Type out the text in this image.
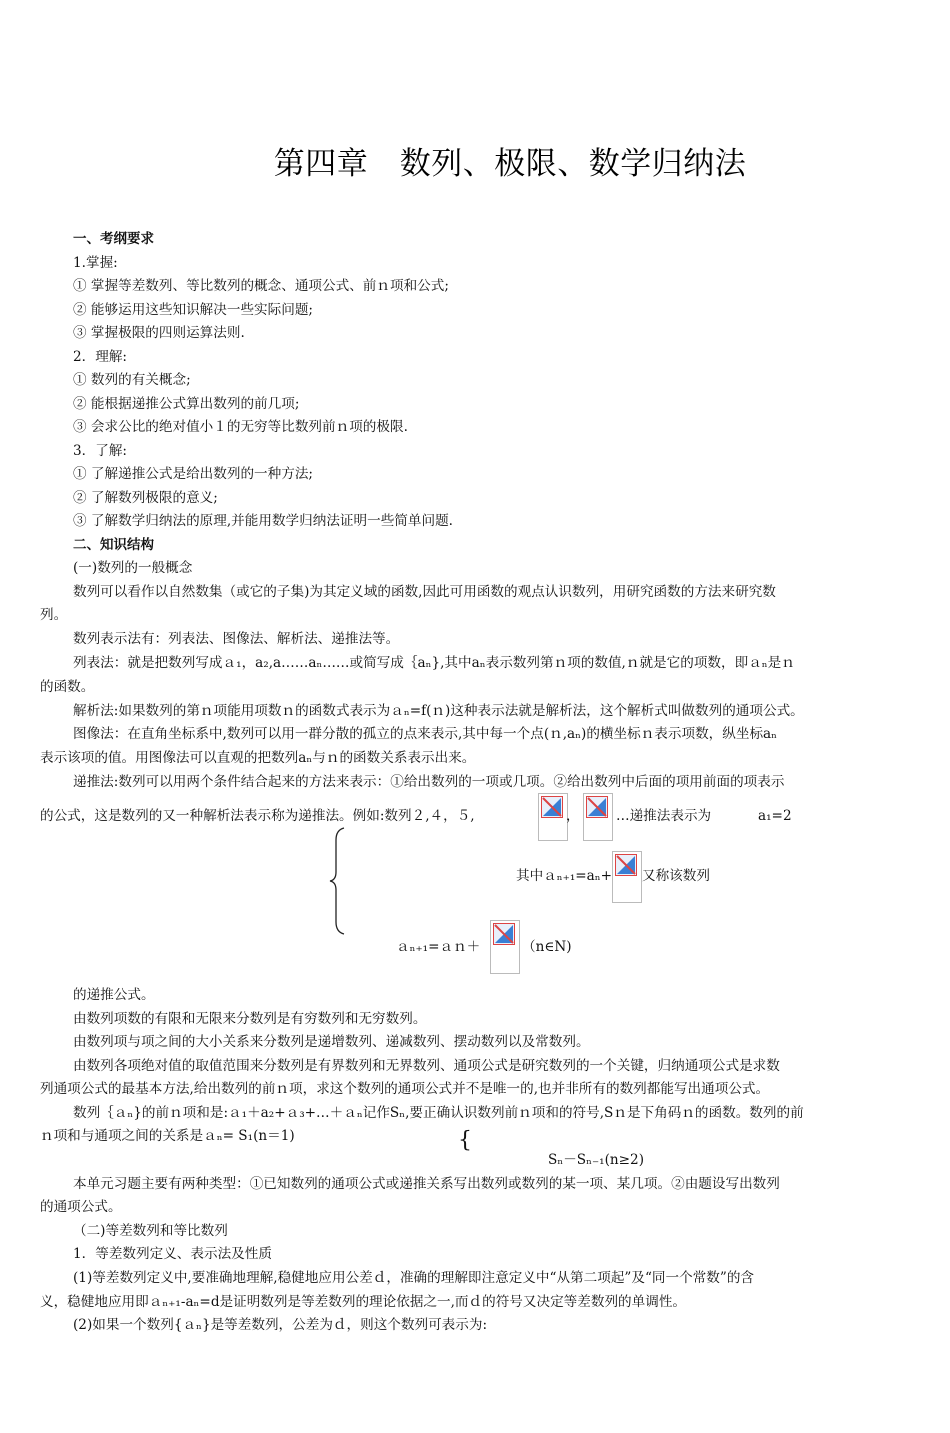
第四章　数列、极限、数学归纳法
一、考纲要求
1.掌握:
① 掌握等差数列、等比数列的概念、通项公式、前ｎ项和公式;
② 能够运用这些知识解决一些实际问题;
③ 掌握极限的四则运算法则.
2．理解:
① 数列的有关概念;
② 能根据递推公式算出数列的前几项;
③ 会求公比的绝对值小１的无穷等比数列前ｎ项的极限.
3．了解:
① 了解递推公式是给出数列的一种方法;
② 了解数列极限的意义;
③ 了解数学归纳法的原理,并能用数学归纳法证明一些简单问题.
二、知识结构
(一)数列的一般概念
数列可以看作以自然数集（或它的子集)为其定义域的函数,因此可用函数的观点认识数列，用研究函数的方法来研究数
列。
数列表示法有：列表法、图像法、解析法、递推法等。
列表法：就是把数列写成ａ₁，a₂,a……aₙ……或简写成｛aₙ},其中aₙ表示数列第ｎ项的数值,ｎ就是它的项数，即ａₙ是ｎ
的函数。
解析法:如果数列的第ｎ项能用项数ｎ的函数式表示为ａₙ=f(ｎ)这种表示法就是解析法，这个解析式叫做数列的通项公式。
图像法：在直角坐标系中,数列可以用一群分散的孤立的点来表示,其中每一个点(ｎ,aₙ)的横坐标ｎ表示项数，纵坐标aₙ
表示该项的值。用图像法可以直观的把数列aₙ与ｎ的函数关系表示出来。
递推法:数列可以用两个条件结合起来的方法来表示：①给出数列的一项或几项。②给出数列中后面的项用前面的项表示
的公式，这是数列的又一种解析法表示称为递推法。例如:数列２,４，５,	，	…递推法表示为	a₁=2
其中ａₙ₊₁=aₙ+ 又称该数列
ａₙ₊₁=ａｎ＋	（n∈N)
的递推公式。
由数列项数的有限和无限来分数列是有穷数列和无穷数列。
由数列项与项之间的大小关系来分数列是递增数列、递减数列、摆动数列以及常数列。
由数列各项绝对值的取值范围来分数列是有界数列和无界数列、通项公式是研究数列的一个关键，归纳通项公式是求数
列通项公式的最基本方法,给出数列的前ｎ项，求这个数列的通项公式并不是唯一的,也并非所有的数列都能写出通项公式。
数列｛ａₙ}的前ｎ项和是:ａ₁＋a₂+ａ₃+…＋ａₙ记作Sₙ,要正确认识数列前ｎ项和的符号,Sｎ是下角码ｎ的函数。数列的前
ｎ项和与通项之间的关系是ａₙ= S₁(n＝1)	{
Sₙ－Sₙ₋₁(n≥2)
本单元习题主要有两种类型：①已知数列的通项公式或递推关系写出数列或数列的某一项、某几项。②由题设写出数列
的通项公式。
（二)等差数列和等比数列
1．等差数列定义、表示法及性质
(1)等差数列定义中,要准确地理解,稳健地应用公差ｄ，准确的理解即注意定义中“从第二项起”及“同一个常数”的含
义，稳健地应用即ａₙ₊₁-aₙ=d是证明数列是等差数列的理论依据之一,而ｄ的符号又决定等差数列的单调性。
(2)如果一个数列{ａₙ}是等差数列，公差为ｄ，则这个数列可表示为:
